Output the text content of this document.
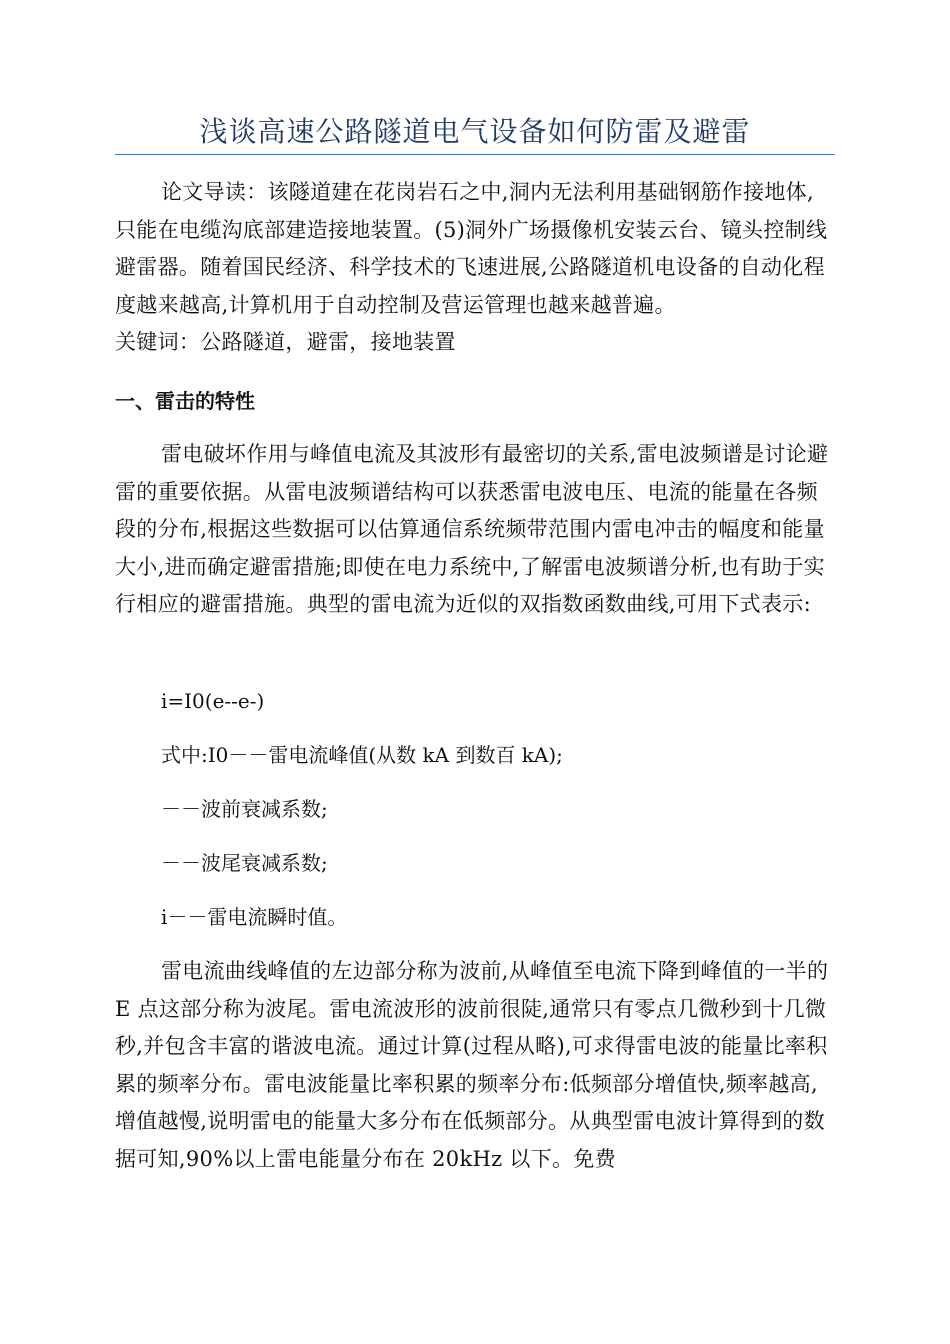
浅谈高速公路隧道电气设备如何防雷及避雷
论文导读：该隧道建在花岗岩石之中,洞内无法利用基础钢筋作接地体,只能在电缆沟底部建造接地装置。(5)洞外广场摄像机安装云台、镜头控制线避雷器。随着国民经济、科学技术的飞速进展,公路隧道机电设备的自动化程度越来越高,计算机用于自动控制及营运管理也越来越普遍。
关键词：公路隧道，避雷，接地装置
一、雷击的特性
雷电破坏作用与峰值电流及其波形有最密切的关系,雷电波频谱是讨论避雷的重要依据。从雷电波频谱结构可以获悉雷电波电压、电流的能量在各频段的分布,根据这些数据可以估算通信系统频带范围内雷电冲击的幅度和能量大小,进而确定避雷措施;即使在电力系统中,了解雷电波频谱分析,也有助于实行相应的避雷措施。典型的雷电流为近似的双指数函数曲线,可用下式表示:
i=I0(e--e-)
式中:I0－－雷电流峰值(从数 kA 到数百 kA);
－－波前衰减系数;
－－波尾衰减系数;
i－－雷电流瞬时值。
雷电流曲线峰值的左边部分称为波前,从峰值至电流下降到峰值的一半的 E 点这部分称为波尾。雷电流波形的波前很陡,通常只有零点几微秒到十几微秒,并包含丰富的谐波电流。通过计算(过程从略),可求得雷电波的能量比率积累的频率分布。雷电波能量比率积累的频率分布:低频部分增值快,频率越高,增值越慢,说明雷电的能量大多分布在低频部分。从典型雷电波计算得到的数据可知,90%以上雷电能量分布在 20kHz 以下。免费
